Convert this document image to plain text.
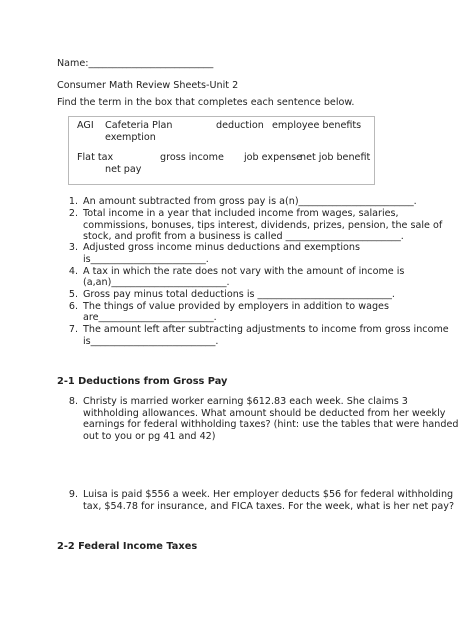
Name:__________________________
Consumer Math Review Sheets-Unit 2
Find the term in the box that completes each sentence below.
AGI Cafeteria Plan	deduction employee benefits
exemption
Flat tax	gross income job expense
net job benefit
net pay
1. An amount subtracted from gross pay is a(n)________________________.
2. Total income in a year that included income from wages, salaries,
commissions, bonuses, tips interest, dividends, prizes, pension, the sale of
stock, and profit from a business is called ________________________.
3. Adjusted gross income minus deductions and exemptions
is________________________.
4. A tax in which the rate does not vary with the amount of income is
(a,an)________________________.
5. Gross pay minus total deductions is ____________________________.
6. The things of value provided by employers in addition to wages
are________________________.
7. The amount left after subtracting adjustments to income from gross income
is__________________________.
2-1 Deductions from Gross Pay
8. Christy is married worker earning $612.83 each week. She claims 3
withholding allowances. What amount should be deducted from her weekly
earnings for federal withholding taxes? (hint: use the tables that were handed
out to you or pg 41 and 42)
9. Luisa is paid $556 a week. Her employer deducts $56 for federal withholding
tax, $54.78 for insurance, and FICA taxes. For the week, what is her net pay?
2-2 Federal Income Taxes
